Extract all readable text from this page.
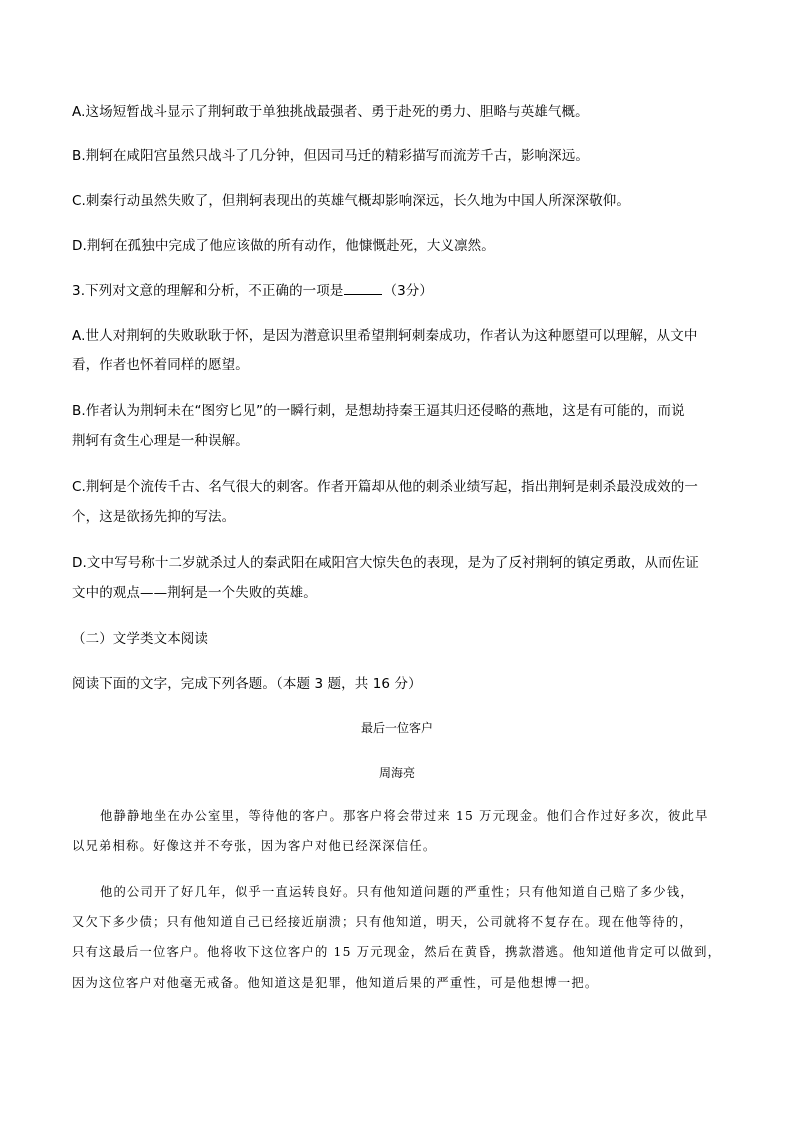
A.这场短暂战斗显示了荆轲敢于单独挑战最强者、勇于赴死的勇力、胆略与英雄气概。
B.荆轲在咸阳宫虽然只战斗了几分钟，但因司马迁的精彩描写而流芳千古，影响深远。
C.刺秦行动虽然失败了，但荆轲表现出的英雄气概却影响深远，长久地为中国人所深深敬仰。
D.荆轲在孤独中完成了他应该做的所有动作，他慷慨赴死，大义凛然。
3.下列对文意的理解和分析，不正确的一项是	（3分）
A.世人对荆轲的失败耿耿于怀，是因为潜意识里希望荆轲刺秦成功，作者认为这种愿望可以理解，从文中
看，作者也怀着同样的愿望。
B.作者认为荆轲未在“图穷匕见”的一瞬行刺，是想劫持秦王逼其归还侵略的燕地，这是有可能的，而说
荆轲有贪生心理是一种误解。
C.荆轲是个流传千古、名气很大的刺客。作者开篇却从他的刺杀业绩写起，指出荆轲是刺杀最没成效的一
个，这是欲扬先抑的写法。
D.文中写号称十二岁就杀过人的秦武阳在咸阳宫大惊失色的表现，是为了反衬荆轲的镇定勇敢，从而佐证
文中的观点——荆轲是一个失败的英雄。
（二）文学类文本阅读
阅读下面的文字，完成下列各题。（本题 3 题，共 16 分）
最后一位客户
周海亮
他静静地坐在办公室里，等待他的客户。那客户将会带过来 15 万元现金。他们合作过好多次，彼此早
以兄弟相称。好像这并不夸张，因为客户对他已经深深信任。
他的公司开了好几年，似乎一直运转良好。只有他知道问题的严重性；只有他知道自己赔了多少钱，
又欠下多少债；只有他知道自己已经接近崩溃；只有他知道，明天，公司就将不复存在。现在他等待的，
只有这最后一位客户。他将收下这位客户的 15 万元现金，然后在黄昏，携款潜逃。他知道他肯定可以做到，
因为这位客户对他毫无戒备。他知道这是犯罪，他知道后果的严重性，可是他想博一把。
